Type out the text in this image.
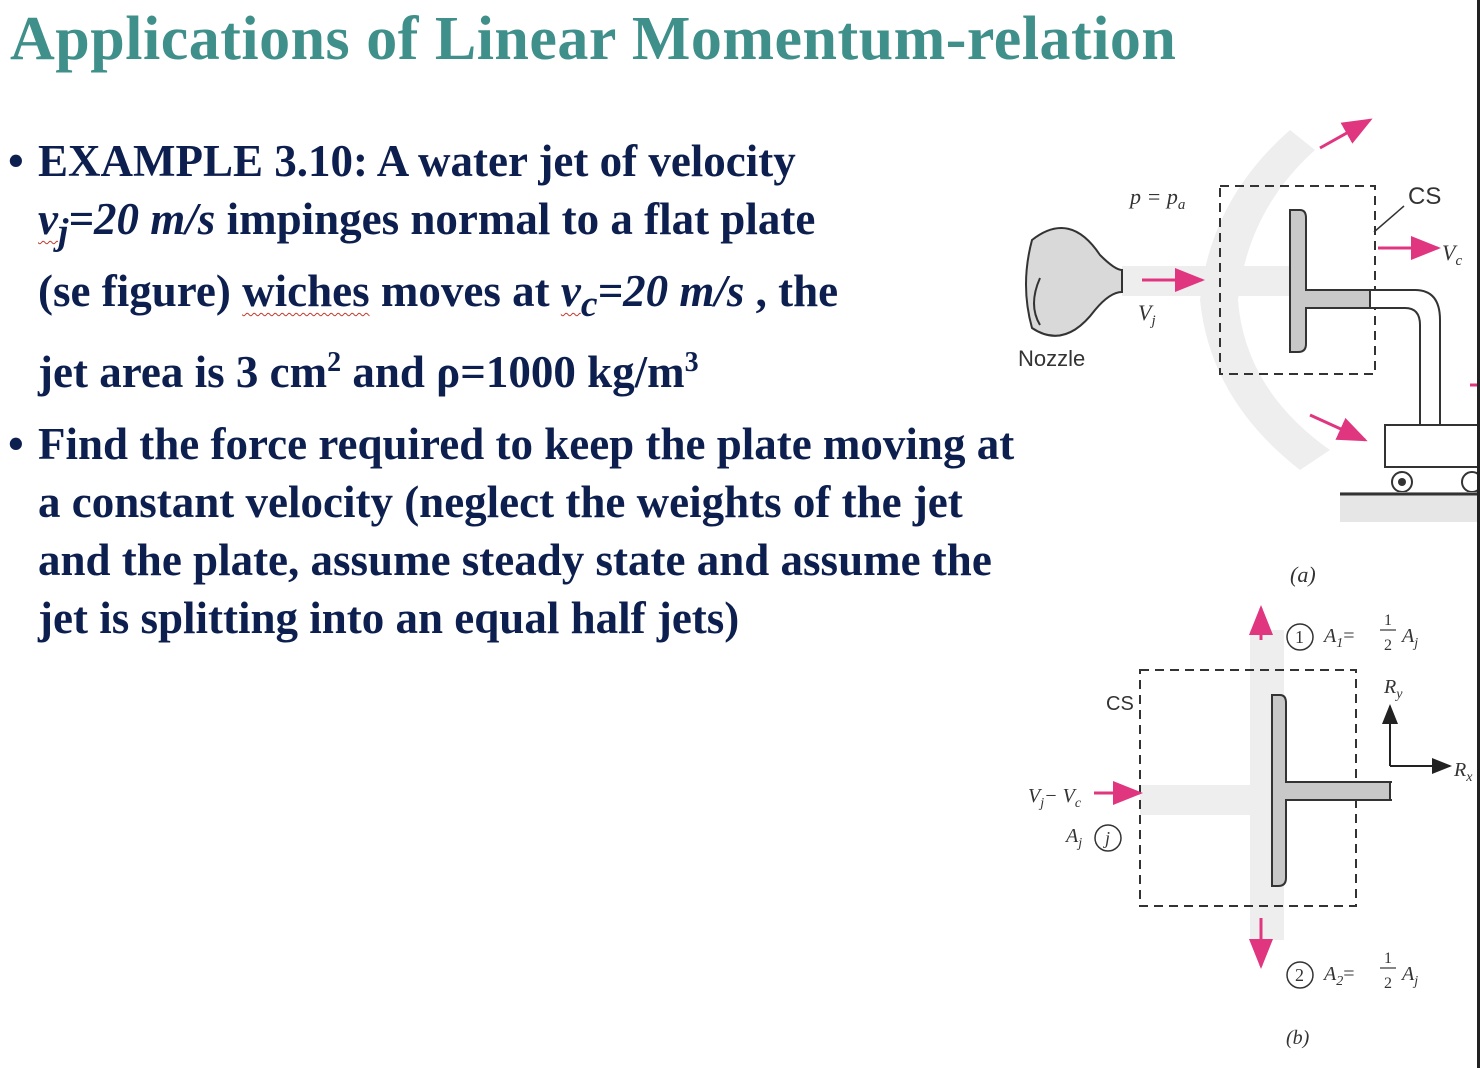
Applications of Linear Momentum-relation
• EXAMPLE 3.10: A water jet of velocity
$v_j=20$ m/s impinges normal to a flat plate
(se figure) wiches moves at $v_c=20$ m/s , the
jet area is 3 $cm^2$ and ρ=1000 $kg/m^3$
• Find the force required to keep the plate moving at a constant velocity (neglect the weights of the jet and the plate, assume steady state and assume the jet is splitting into an equal half jets)
$p = p_a$	CS
$V_c$
$V_j$
Nozzle
(a)
1 $A_1=$
1
2 $A_j$
$R_y$
$R_x$
CS
$V_j- V_c$
$A_j$ j
2 $A_2=$
1
2 $A_j$
(b)
